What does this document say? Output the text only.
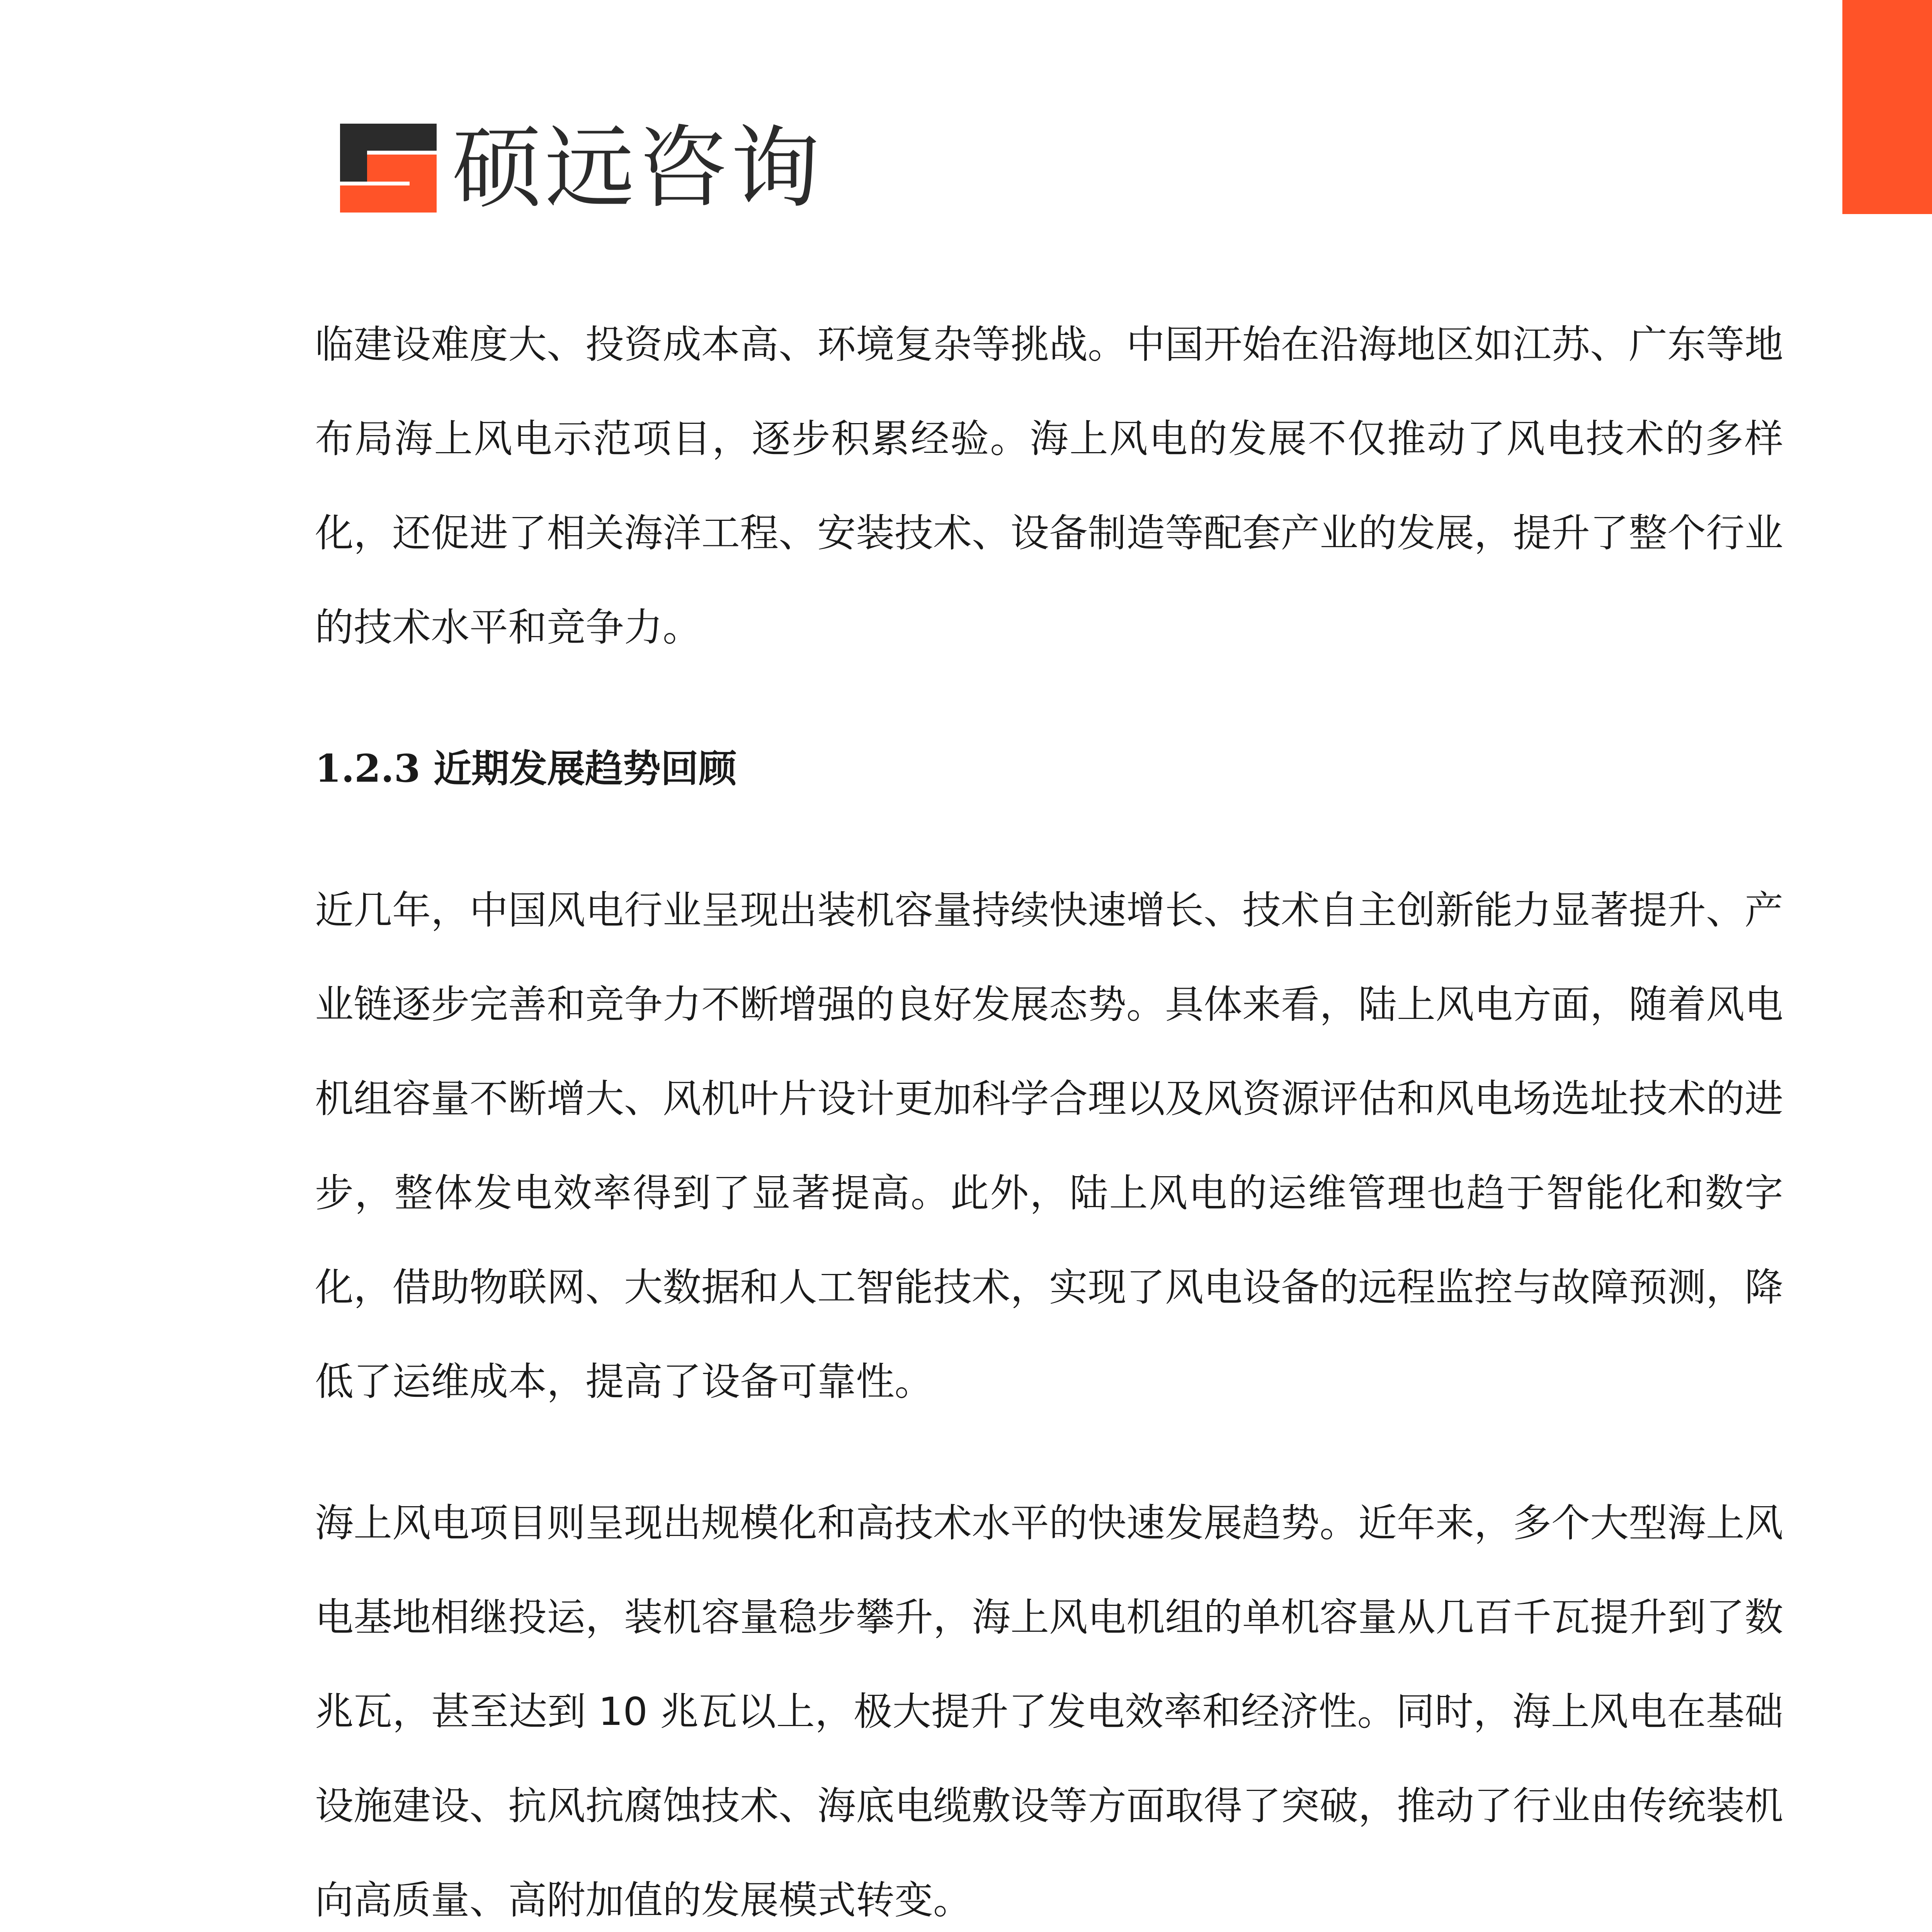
硕远咨询

临建设难度大、投资成本高、环境复杂等挑战。中国开始在沿海地区如江苏、广东等地布局海上风电示范项目，逐步积累经验。海上风电的发展不仅推动了风电技术的多样化，还促进了相关海洋工程、安装技术、设备制造等配套产业的发展，提升了整个行业的技术水平和竞争力。

1.2.3 近期发展趋势回顾

近几年，中国风电行业呈现出装机容量持续快速增长、技术自主创新能力显著提升、产业链逐步完善和竞争力不断增强的良好发展态势。具体来看，陆上风电方面，随着风电机组容量不断增大、风机叶片设计更加科学合理以及风资源评估和风电场选址技术的进步，整体发电效率得到了显著提高。此外，陆上风电的运维管理也趋于智能化和数字化，借助物联网、大数据和人工智能技术，实现了风电设备的远程监控与故障预测，降低了运维成本，提高了设备可靠性。

海上风电项目则呈现出规模化和高技术水平的快速发展趋势。近年来，多个大型海上风电基地相继投运，装机容量稳步攀升，海上风电机组的单机容量从几百千瓦提升到了数兆瓦，甚至达到 10 兆瓦以上，极大提升了发电效率和经济性。同时，海上风电在基础设施建设、抗风抗腐蚀技术、海底电缆敷设等方面取得了突破，推动了行业由传统装机向高质量、高附加值的发展模式转变。
